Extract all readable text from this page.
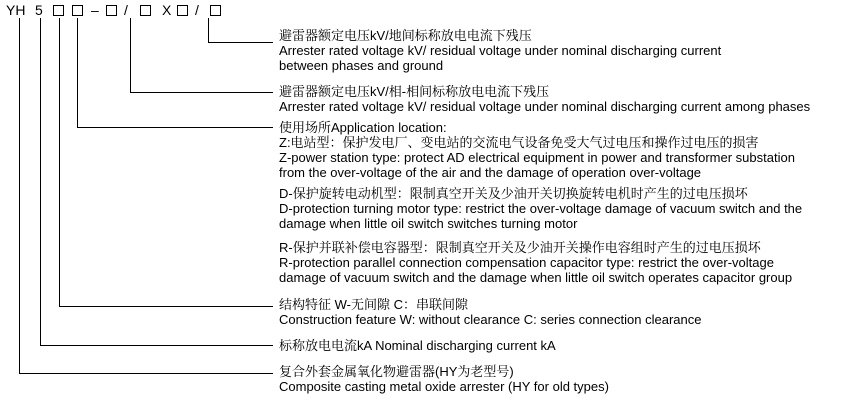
YH 5	– / X /
避雷器额定电压kV/地间标称放电电流下残压
Arrester rated voltage kV/ residual voltage under nominal discharging current
between phases and ground
避雷器额定电压kV/相-相间标称放电电流下残压
Arrester rated voltage kV/ residual voltage under nominal discharging current among phases
使用场所Application location:
Z:电站型：保护发电厂、变电站的交流电气设备免受大气过电压和操作过电压的损害
Z-power station type: protect AD electrical equipment in power and transformer substation
from the over-voltage of the air and the damage of operation over-voltage
D-保护旋转电动机型：限制真空开关及少油开关切换旋转电机时产生的过电压损坏
D-protection turning motor type: restrict the over-voltage damage of vacuum switch and the
damage when little oil switch switches turning motor
R-保护并联补偿电容器型：限制真空开关及少油开关操作电容组时产生的过电压损坏
R-protection parallel connection compensation capacitor type: restrict the over-voltage
damage of vacuum switch and the damage when little oil switch operates capacitor group
结构特征 W-无间隙 C：串联间隙
Construction feature W: without clearance C: series connection clearance
标称放电电流kA Nominal discharging current kA
复合外套金属氧化物避雷器(HY为老型号)
Composite casting metal oxide arrester (HY for old types)
